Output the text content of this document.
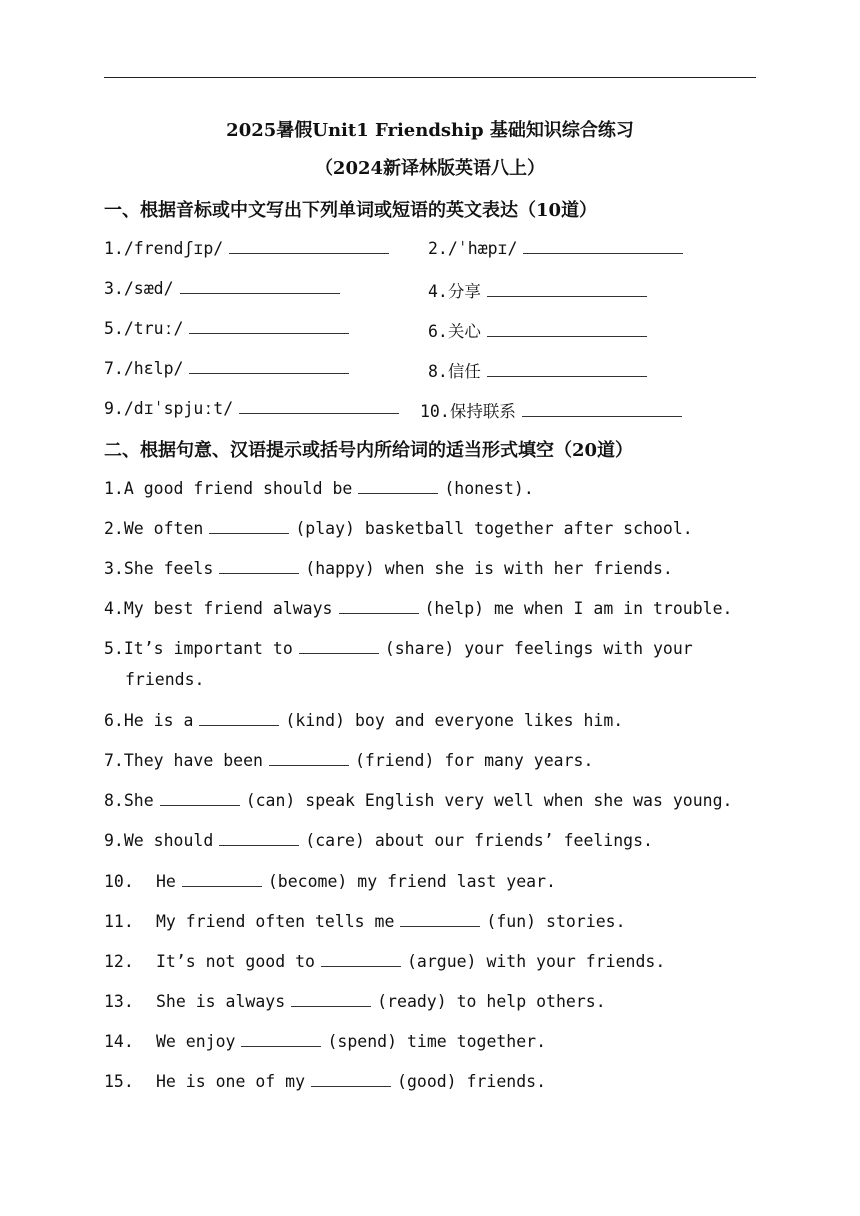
2025暑假Unit1 Friendship 基础知识综合练习
（2024新译林版英语八上）
一、根据音标或中文写出下列单词或短语的英文表达（10道）
1./frendʃɪp/	2./ˈhæpɪ/
3./sæd/	4.分享
5./truː/	6.关心
7./hɛlp/	8.信任
9./dɪˈspjuːt/	10.保持联系
二、根据句意、汉语提示或括号内所给词的适当形式填空（20道）
1.A good friend should be	(honest).
2.We often	(play) basketball together after school.
3.She feels	(happy) when she is with her friends.
4.My best friend always	(help) me when I am in trouble.
5.It’s important to	(share) your feelings with your
friends.
6.He is a	(kind) boy and everyone likes him.
7.They have been	(friend) for many years.
8.She	(can) speak English very well when she was young.
9.We should	(care) about our friends’ feelings.
10. He	(become) my friend last year.
11. My friend often tells me	(fun) stories.
12. It’s not good to	(argue) with your friends.
13. She is always	(ready) to help others.
14. We enjoy	(spend) time together.
15. He is one of my	(good) friends.
